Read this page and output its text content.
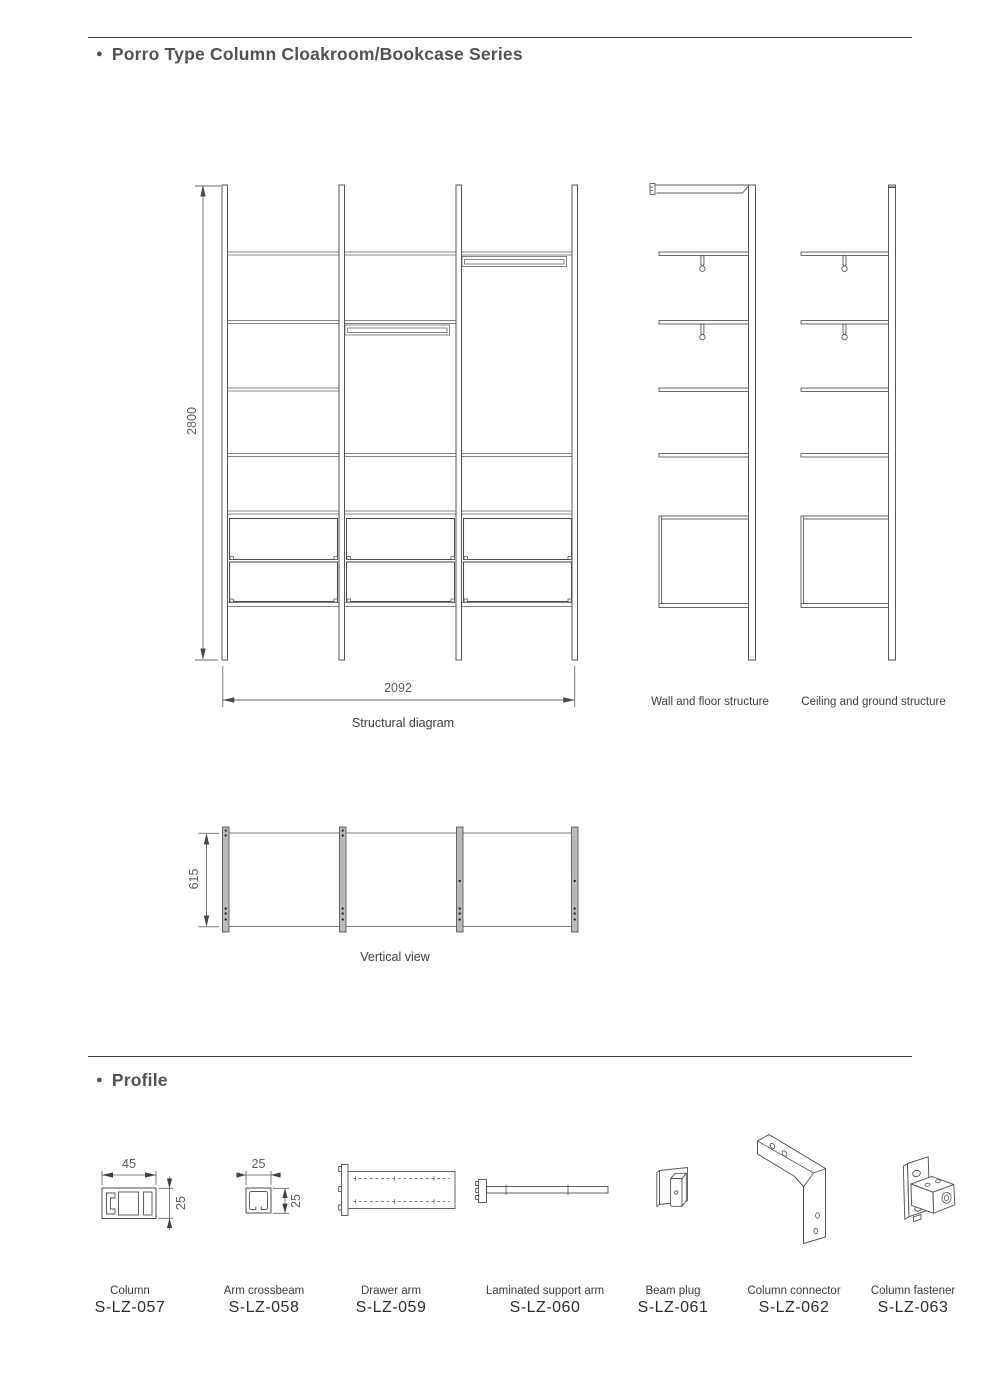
● Porro Type Column Cloakroom/Bookcase Series
● Profile
2800
2092
Structural diagram
Wall and floor structure	Ceiling and ground structure
615
Vertical view
45
25
25
25
Column
S-LZ-057
Arm crossbeam
S-LZ-058
Drawer arm
S-LZ-059
Laminated support arm
S-LZ-060
Beam plug
S-LZ-061
Column connector
S-LZ-062
Column fastener
S-LZ-063
